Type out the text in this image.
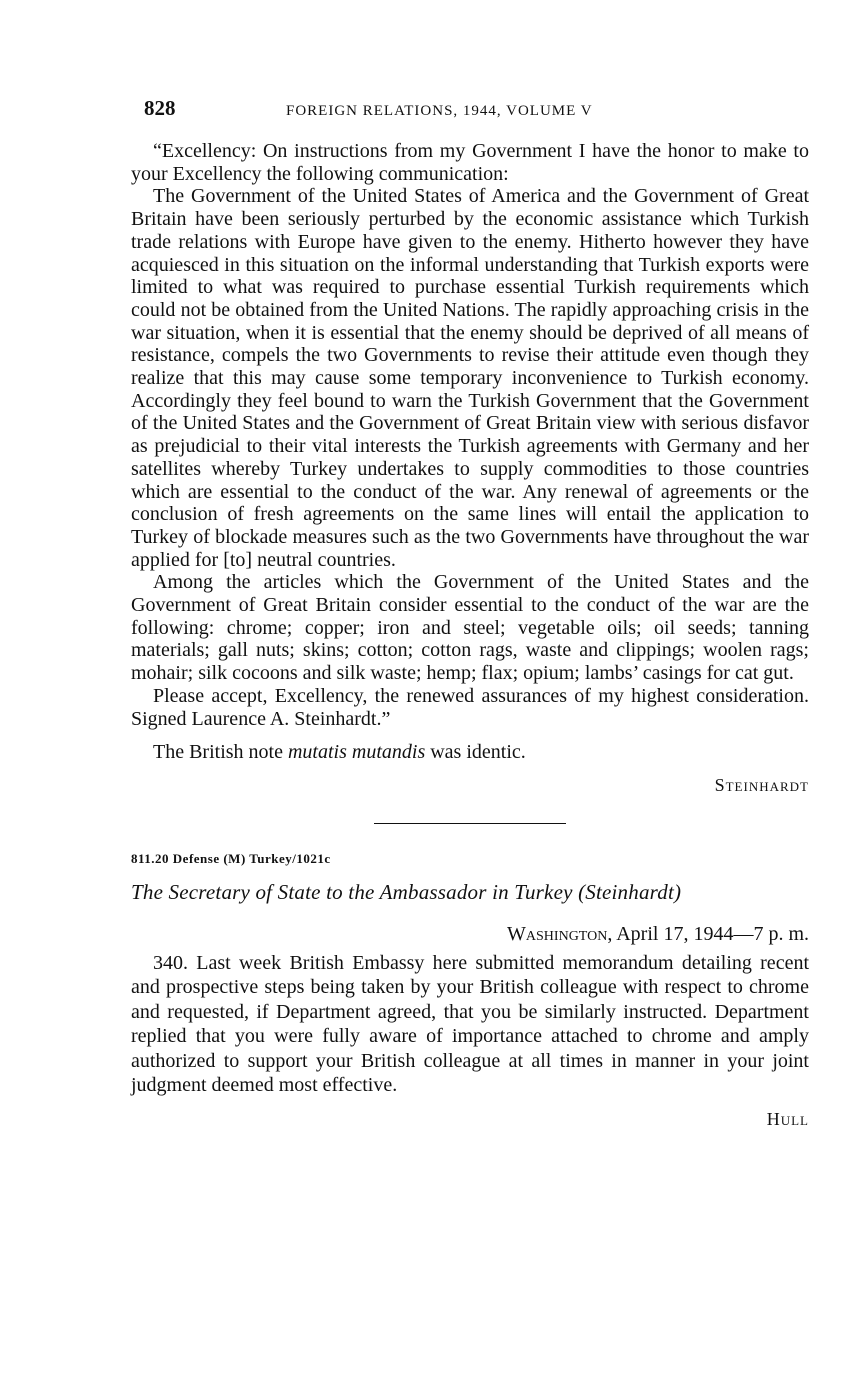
828	FOREIGN RELATIONS, 1944, VOLUME V

“Excellency: On instructions from my Government I have the honor to make to your Excellency the following communication:

The Government of the United States of America and the Government of Great Britain have been seriously perturbed by the economic assistance which Turkish trade relations with Europe have given to the enemy. Hitherto however they have acquiesced in this situation on the informal understanding that Turkish exports were limited to what was required to purchase essential Turkish requirements which could not be obtained from the United Nations. The rapidly approaching crisis in the war situation, when it is essential that the enemy should be deprived of all means of resistance, compels the two Governments to revise their attitude even though they realize that this may cause some temporary inconvenience to Turkish economy. Accordingly they feel bound to warn the Turkish Government that the Government of the United States and the Government of Great Britain view with serious disfavor as prejudicial to their vital interests the Turkish agreements with Germany and her satellites whereby Turkey undertakes to supply commodities to those countries which are essential to the conduct of the war. Any renewal of agreements or the conclusion of fresh agreements on the same lines will entail the application to Turkey of blockade measures such as the two Governments have throughout the war applied for [to] neutral countries.

Among the articles which the Government of the United States and the Government of Great Britain consider essential to the conduct of the war are the following: chrome; copper; iron and steel; vegetable oils; oil seeds; tanning materials; gall nuts; skins; cotton; cotton rags, waste and clippings; woolen rags; mohair; silk cocoons and silk waste; hemp; flax; opium; lambs’ casings for cat gut.

Please accept, Excellency, the renewed assurances of my highest consideration. Signed Laurence A. Steinhardt.”

The British note mutatis mutandis was identic.

Steinhardt

811.20 Defense (M) Turkey/1021c
The Secretary of State to the Ambassador in Turkey (Steinhardt)
Washington, April 17, 1944—7 p. m.

340. Last week British Embassy here submitted memorandum detailing recent and prospective steps being taken by your British colleague with respect to chrome and requested, if Department agreed, that you be similarly instructed. Department replied that you were fully aware of importance attached to chrome and amply authorized to support your British colleague at all times in manner in your joint judgment deemed most effective.

Hull
